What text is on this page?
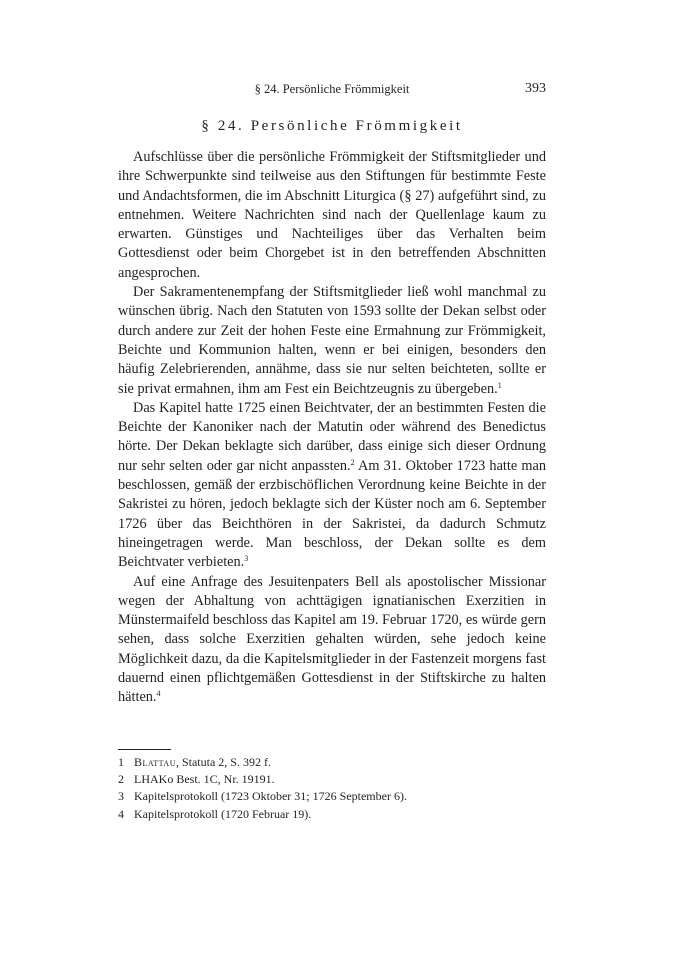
§ 24. Persönliche Frömmigkeit	393
§ 24. Persönliche Frömmigkeit

Aufschlüsse über die persönliche Frömmigkeit der Stiftsmitglieder und ihre Schwerpunkte sind teilweise aus den Stiftungen für bestimmte Feste und Andachtsformen, die im Abschnitt Liturgica (§ 27) aufgeführt sind, zu entnehmen. Weitere Nachrichten sind nach der Quellenlage kaum zu erwarten. Günstiges und Nachteiliges über das Verhalten beim Gottesdienst oder beim Chorgebet ist in den betreffenden Abschnitten angesprochen.

Der Sakramentenempfang der Stiftsmitglieder ließ wohl manchmal zu wünschen übrig. Nach den Statuten von 1593 sollte der Dekan selbst oder durch andere zur Zeit der hohen Feste eine Ermahnung zur Frömmigkeit, Beichte und Kommunion halten, wenn er bei einigen, besonders den häufig Zelebrierenden, annähme, dass sie nur selten beichteten, sollte er sie privat ermahnen, ihm am Fest ein Beichtzeugnis zu übergeben.$^1$

Das Kapitel hatte 1725 einen Beichtvater, der an bestimmten Festen die Beichte der Kanoniker nach der Matutin oder während des Benedictus hörte. Der Dekan beklagte sich darüber, dass einige sich dieser Ordnung nur sehr selten oder gar nicht anpassten.$^2$ Am 31. Oktober 1723 hatte man beschlossen, gemäß der erzbischöflichen Verordnung keine Beichte in der Sakristei zu hören, jedoch beklagte sich der Küster noch am 6. September 1726 über das Beichthören in der Sakristei, da dadurch Schmutz hineingetragen werde. Man beschloss, der Dekan sollte es dem Beichtvater verbieten.$^3$

Auf eine Anfrage des Jesuitenpaters Bell als apostolischer Missionar wegen der Abhaltung von achttägigen ignatianischen Exerzitien in Münstermaifeld beschloss das Kapitel am 19. Februar 1720, es würde gern sehen, dass solche Exerzitien gehalten würden, sehe jedoch keine Möglichkeit dazu, da die Kapitelsmitglieder in der Fastenzeit morgens fast dauernd einen pflichtgemäßen Gottesdienst in der Stiftskirche zu halten hätten.$^4$

1 Blattau, Statuta 2, S. 392 f.
2 LHAKo Best. 1C, Nr. 19191.
3 Kapitelsprotokoll (1723 Oktober 31; 1726 September 6).
4 Kapitelsprotokoll (1720 Februar 19).
